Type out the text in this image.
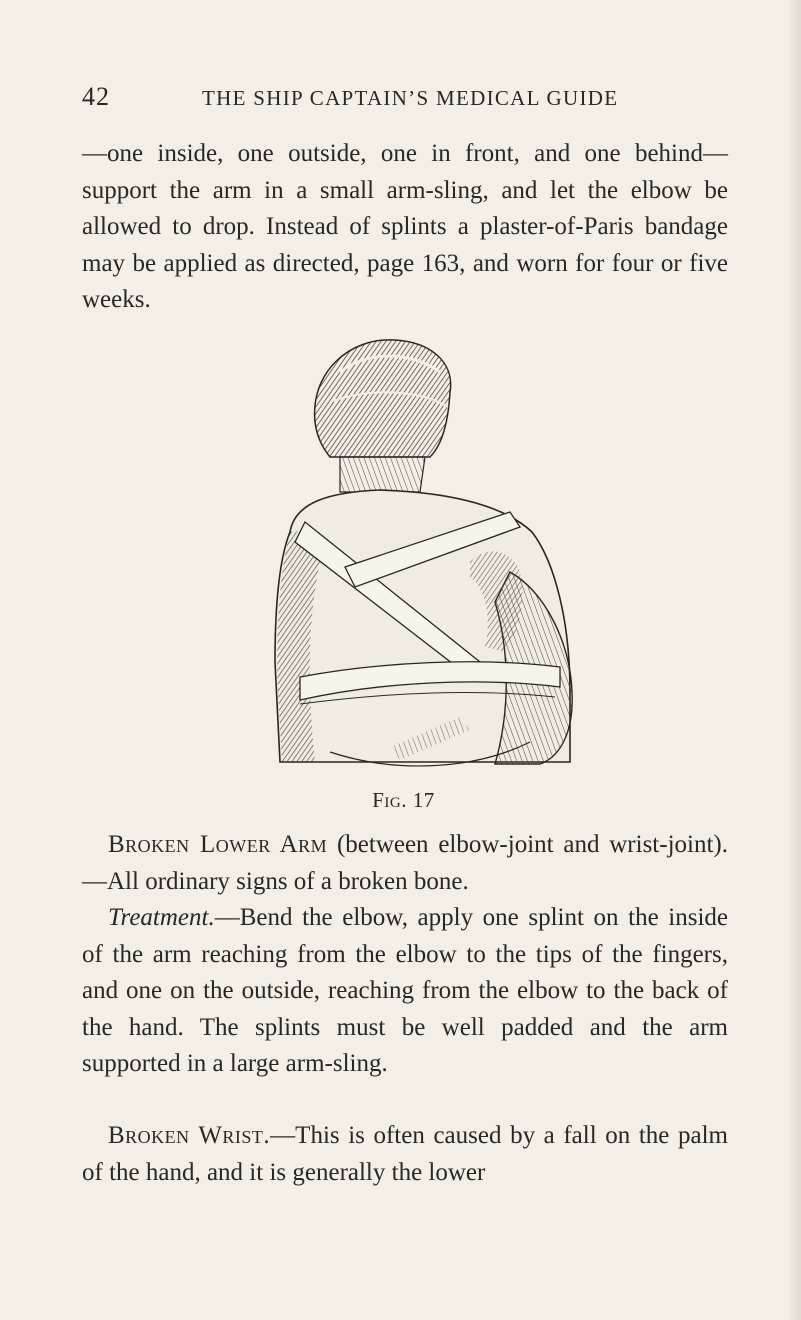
42	THE SHIP CAPTAIN’S MEDICAL GUIDE

—one inside, one outside, one in front, and one behind—support the arm in a small arm-sling, and let the elbow be allowed to drop. Instead of splints a plaster-of-Paris bandage may be applied as directed, page 163, and worn for four or five weeks.

Fig. 17

Broken Lower Arm (between elbow-joint and wrist-joint).—All ordinary signs of a broken bone.

Treatment.—Bend the elbow, apply one splint on the inside of the arm reaching from the elbow to the tips of the fingers, and one on the outside, reaching from the elbow to the back of the hand. The splints must be well padded and the arm supported in a large arm-sling.

Broken Wrist.—This is often caused by a fall on the palm of the hand, and it is generally the lower
